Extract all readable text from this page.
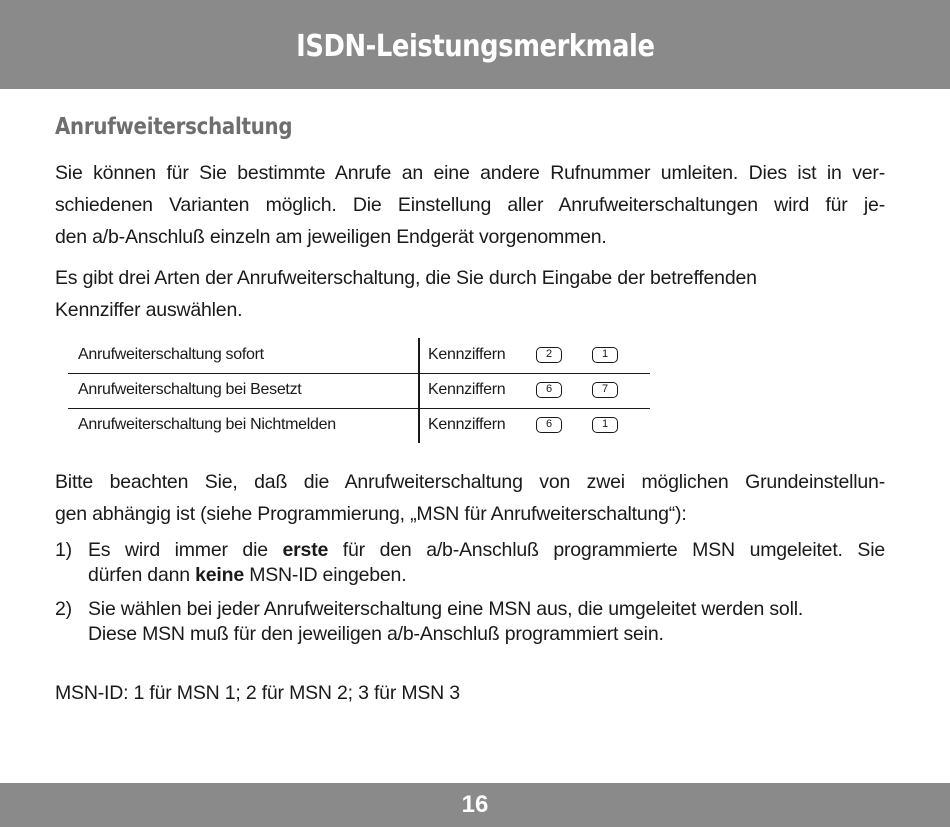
ISDN-Leistungsmerkmale
Anrufweiterschaltung

Sie können für Sie bestimmte Anrufe an eine andere Rufnummer umleiten. Dies ist in ver-
schiedenen Varianten möglich. Die Einstellung aller Anrufweiterschaltungen wird für je-
den a/b-Anschluß einzeln am jeweiligen Endgerät vorgenommen.

Es gibt drei Arten der Anrufweiterschaltung, die Sie durch Eingabe der betreffenden
Kennziffer auswählen.

Anrufweiterschaltung sofort	Kennziffern	2	1
Anrufweiterschaltung bei Besetzt	Kennziffern	6	7
Anrufweiterschaltung bei Nichtmelden	Kennziffern	6	1

Bitte beachten Sie, daß die Anrufweiterschaltung von zwei möglichen Grundeinstellun-
gen abhängig ist (siehe Programmierung, „MSN für Anrufweiterschaltung“):

1) Es wird immer die erste für den a/b-Anschluß programmierte MSN umgeleitet. Sie
dürfen dann keine MSN-ID eingeben.
2) Sie wählen bei jeder Anrufweiterschaltung eine MSN aus, die umgeleitet werden soll.
Diese MSN muß für den jeweiligen a/b-Anschluß programmiert sein.
MSN-ID: 1 für MSN 1; 2 für MSN 2; 3 für MSN 3
16
